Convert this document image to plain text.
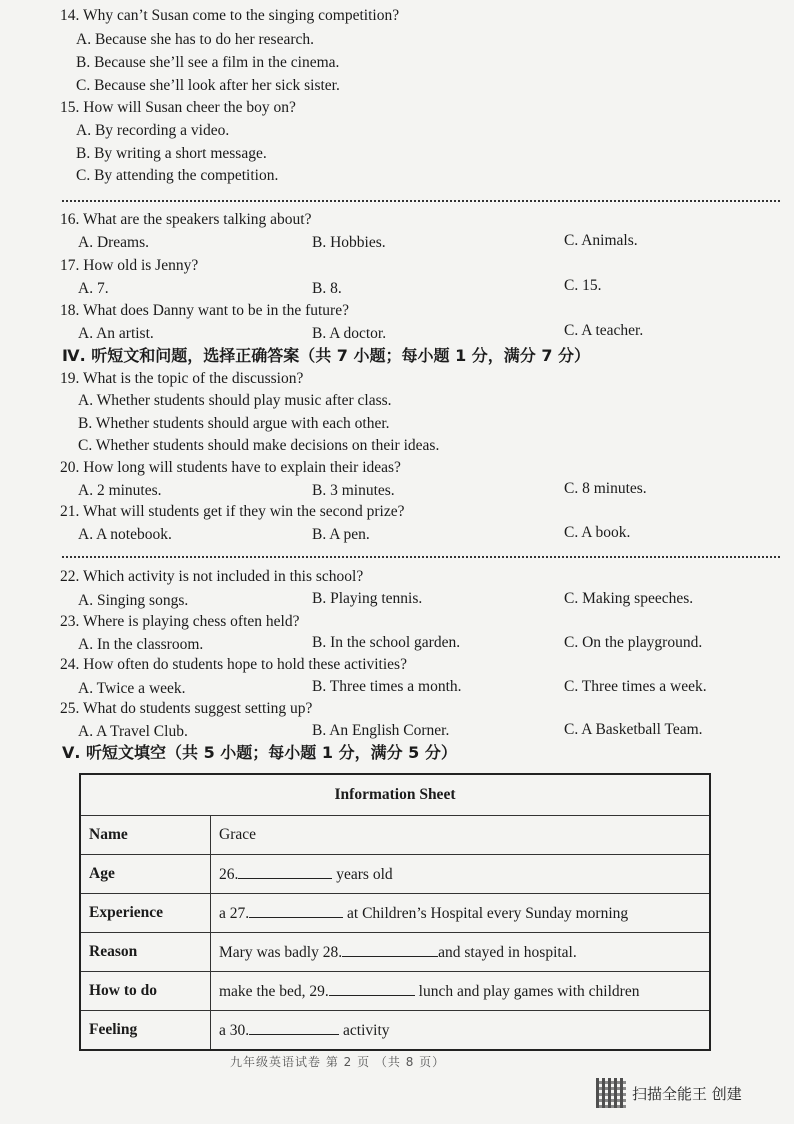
14. Why can’t Susan come to the singing competition?
A. Because she has to do her research.
B. Because she’ll see a film in the cinema.
C. Because she’ll look after her sick sister.
15. How will Susan cheer the boy on?
A. By recording a video.
B. By writing a short message.
C. By attending the competition.
16. What are the speakers talking about?
A. Dreams.	B. Hobbies.	C. Animals.
17. How old is Jenny?
A. 7.	B. 8.	C. 15.
18. What does Danny want to be in the future?
A. An artist.	B. A doctor.	C. A teacher.
Ⅳ. 听短文和问题，选择正确答案（共 7 小题；每小题 1 分，满分 7 分）
19. What is the topic of the discussion?
A. Whether students should play music after class.
B. Whether students should argue with each other.
C. Whether students should make decisions on their ideas.
20. How long will students have to explain their ideas?
A. 2 minutes.	B. 3 minutes.	C. 8 minutes.
21. What will students get if they win the second prize?
A. A notebook.	B. A pen.	C. A book.
22. Which activity is not included in this school?
A. Singing songs.	B. Playing tennis.	C. Making speeches.
23. Where is playing chess often held?
A. In the classroom.	B. In the school garden.	C. On the playground.
24. How often do students hope to hold these activities?
A. Twice a week.	B. Three times a month.	C. Three times a week.
25. What do students suggest setting up?
A. A Travel Club.	B. An English Corner.	C. A Basketball Team.
Ⅴ. 听短文填空（共 5 小题；每小题 1 分，满分 5 分）
Information Sheet	
Name	Grace
Age	26. years old
Experience	a 27. at Children’s Hospital every Sunday morning
Reason	Mary was badly 28. and stayed in hospital.
How to do	make the bed, 29. lunch and play games with children
Feeling	a 30. activity
九年级英语试卷 第 2 页 （共 8 页）
扫描全能王 创建
